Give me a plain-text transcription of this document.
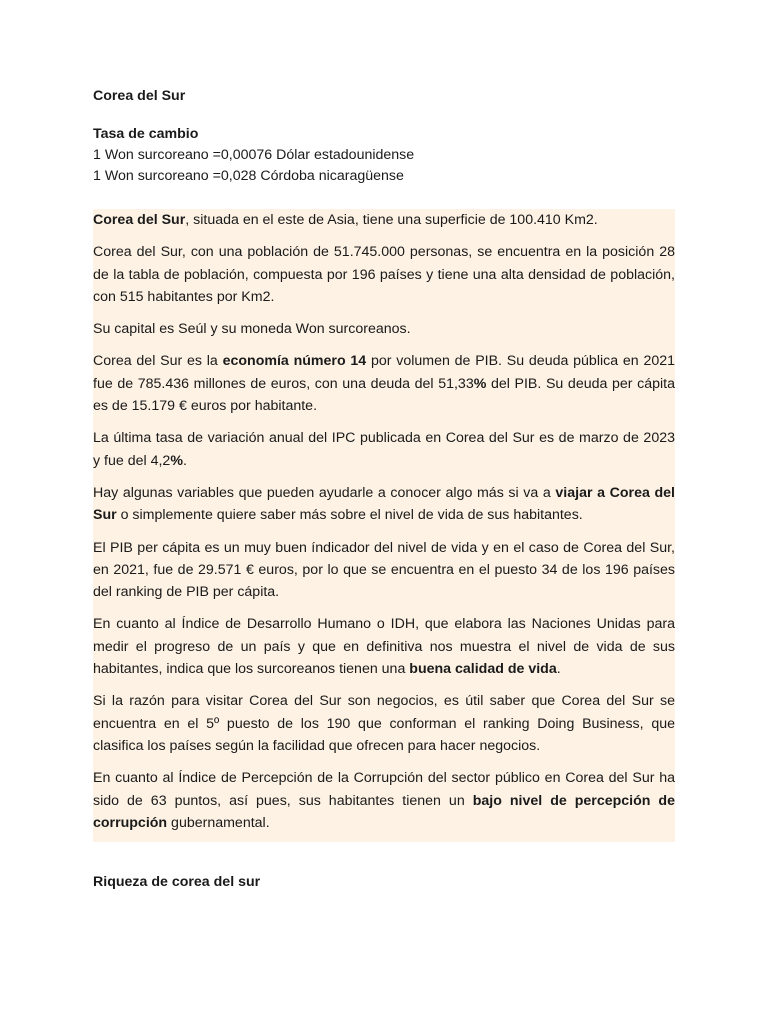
Corea del Sur
Tasa de cambio
1 Won surcoreano =0,00076 Dólar estadounidense
1 Won surcoreano =0,028 Córdoba nicaragüense

Corea del Sur, situada en el este de Asia, tiene una superficie de 100.410 Km2.

Corea del Sur, con una población de 51.745.000 personas, se encuentra en la posición 28 de la tabla de población, compuesta por 196 países y tiene una alta densidad de población, con 515 habitantes por Km2.

Su capital es Seúl y su moneda Won surcoreanos.

Corea del Sur es la economía número 14 por volumen de PIB. Su deuda pública en 2021 fue de 785.436 millones de euros, con una deuda del 51,33% del PIB. Su deuda per cápita es de 15.179 € euros por habitante.

La última tasa de variación anual del IPC publicada en Corea del Sur es de marzo de 2023 y fue del 4,2%.

Hay algunas variables que pueden ayudarle a conocer algo más si va a viajar a Corea del Sur o simplemente quiere saber más sobre el nivel de vida de sus habitantes.

El PIB per cápita es un muy buen índicador del nivel de vida y en el caso de Corea del Sur, en 2021, fue de 29.571 € euros, por lo que se encuentra en el puesto 34 de los 196 países del ranking de PIB per cápita.

En cuanto al Índice de Desarrollo Humano o IDH, que elabora las Naciones Unidas para medir el progreso de un país y que en definitiva nos muestra el nivel de vida de sus habitantes, indica que los surcoreanos tienen una buena calidad de vida.

Si la razón para visitar Corea del Sur son negocios, es útil saber que Corea del Sur se encuentra en el 5º puesto de los 190 que conforman el ranking Doing Business, que clasifica los países según la facilidad que ofrecen para hacer negocios.

En cuanto al Índice de Percepción de la Corrupción del sector público en Corea del Sur ha sido de 63 puntos, así pues, sus habitantes tienen un bajo nivel de percepción de corrupción gubernamental.

Riqueza de corea del sur
